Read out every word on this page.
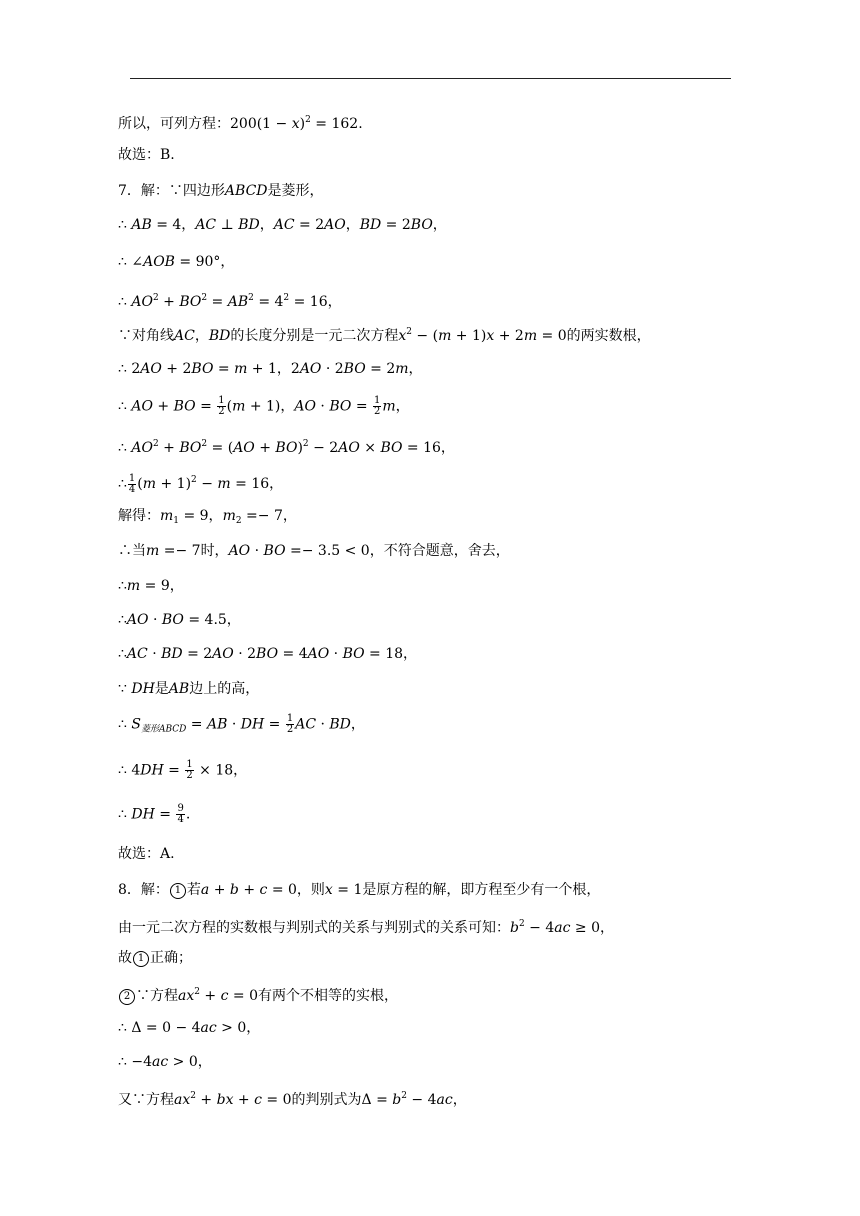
所以，可列方程：$200(1 - x)^2 = 162$.
故选：B.
7．解：∵四边形ABCD是菱形，
∴ AB = 4，AC ⊥ BD，AC = 2AO，BD = 2BO，
∴ ∠AOB = 90°，
∴ $AO^2 + BO^2 = AB^2 = 4^2 = 16$，
∵对角线AC，BD的长度分别是一元二次方程$x^2 - (m + 1)x + 2m = 0$的两实数根，
∴ 2AO + 2BO = m + 1，2AO · 2BO = 2m，
∴ AO + BO = $\frac{1}{2} (m + 1)$，AO · BO = $\frac{1}{2}$ m，
∴ $AO^2 + BO^2 = (AO + BO)^2 - 2AO$ × BO = 16，
∴ $\frac{1}{4} (m + 1)^2 - m = 16$，
解得：$m_1 = 9$，$m_2 =- 7$，
∴当m =− 7时，AO · BO =− 3.5 < 0，不符合题意，舍去，
∴m = 9，
∴AO · BO = 4.5，
∴AC · BD = 2AO · 2BO = 4AO · BO = 18，
∵ DH是AB边上的高，
∴ $S_{菱形ABCD}$ = AB · DH = $\frac{1}{2}$ AC · BD，
∴ $4DH = \frac{1}{2} \times 18$，
∴ DH = $\frac{9}{4}$ .
故选：A.
8．解： 1 若a + b + c = 0，则x = 1是原方程的解，即方程至少有一个根，
由一元二次方程的实数根与判别式的关系与判别式的关系可知：$b^2 - 4ac \ge 0$，
故 1 正确；
2 ∵方程$ax^2 + c = 0$有两个不相等的实根，
∴ Δ = 0 − 4ac > 0，
∴ −4ac > 0，
又∵方程$ax^2$ + bx + c = 0的判别式为$\Delta = b^2 - 4ac$，
